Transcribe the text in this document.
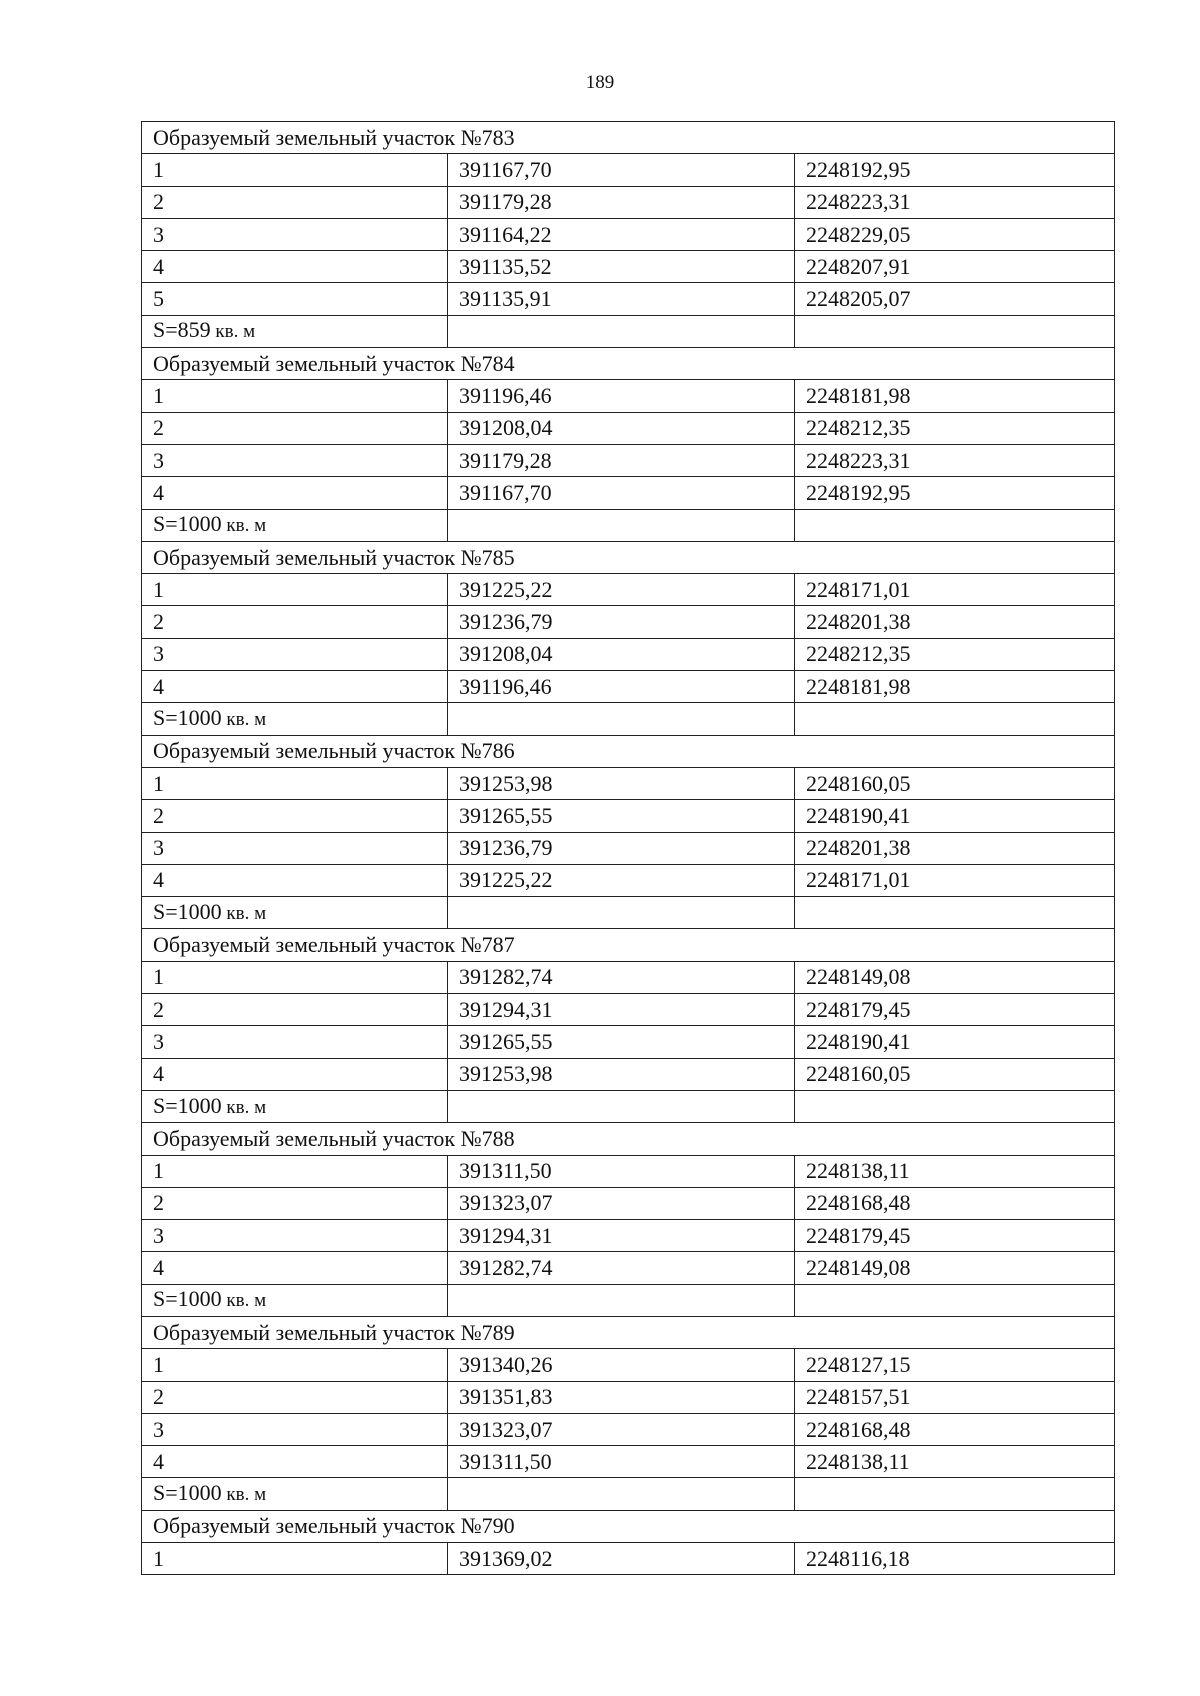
189
Образуемый земельный участок №783		
1	391167,70	2248192,95
2	391179,28	2248223,31
3	391164,22	2248229,05
4	391135,52	2248207,91
5	391135,91	2248205,07
S=859 кв. м		
Образуемый земельный участок №784		
1	391196,46	2248181,98
2	391208,04	2248212,35
3	391179,28	2248223,31
4	391167,70	2248192,95
S=1000 кв. м		
Образуемый земельный участок №785		
1	391225,22	2248171,01
2	391236,79	2248201,38
3	391208,04	2248212,35
4	391196,46	2248181,98
S=1000 кв. м		
Образуемый земельный участок №786		
1	391253,98	2248160,05
2	391265,55	2248190,41
3	391236,79	2248201,38
4	391225,22	2248171,01
S=1000 кв. м		
Образуемый земельный участок №787		
1	391282,74	2248149,08
2	391294,31	2248179,45
3	391265,55	2248190,41
4	391253,98	2248160,05
S=1000 кв. м		
Образуемый земельный участок №788		
1	391311,50	2248138,11
2	391323,07	2248168,48
3	391294,31	2248179,45
4	391282,74	2248149,08
S=1000 кв. м		
Образуемый земельный участок №789		
1	391340,26	2248127,15
2	391351,83	2248157,51
3	391323,07	2248168,48
4	391311,50	2248138,11
S=1000 кв. м		
Образуемый земельный участок №790		
1	391369,02	2248116,18
